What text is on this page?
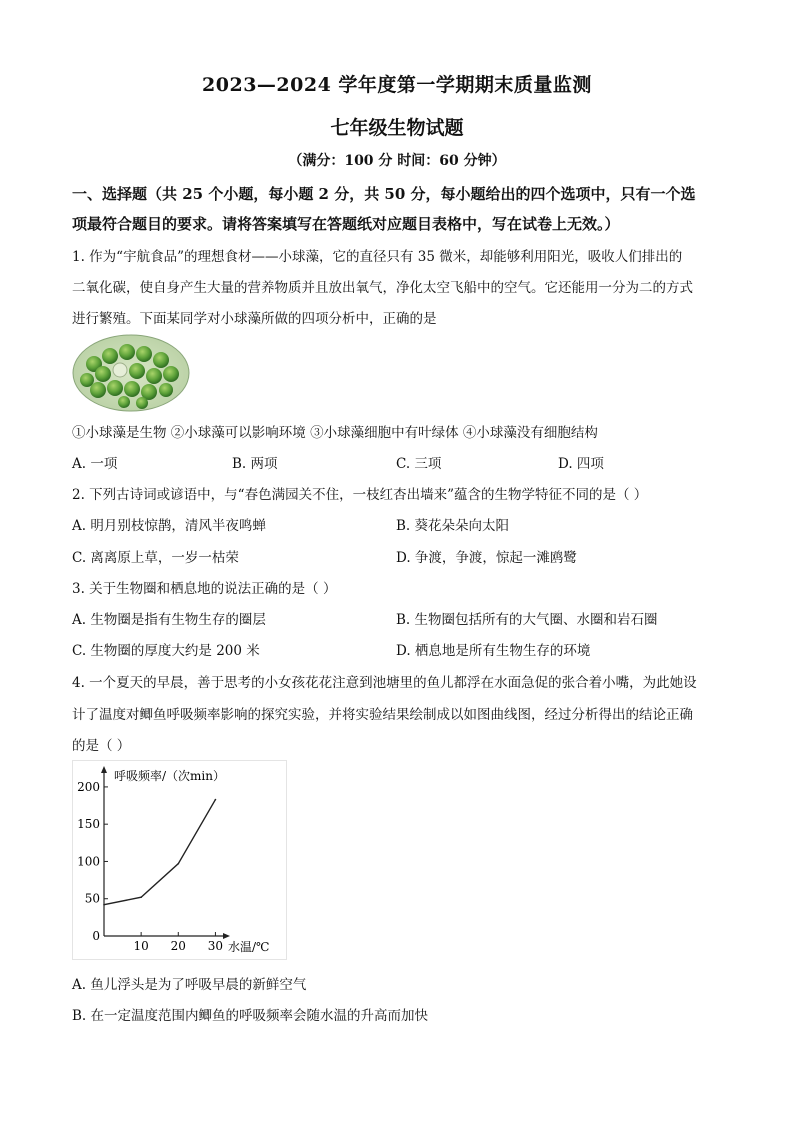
2023—2024 学年度第一学期期末质量监测
七年级生物试题
（满分：100 分 时间：60 分钟）
一、选择题（共 25 个小题，每小题 2 分，共 50 分，每小题给出的四个选项中，只有一个选
项最符合题目的要求。请将答案填写在答题纸对应题目表格中，写在试卷上无效。）
1. 作为“宇航食品”的理想食材——小球藻，它的直径只有 35 微米，却能够利用阳光，吸收人们排出的
二氧化碳，使自身产生大量的营养物质并且放出氧气，净化太空飞船中的空气。它还能用一分为二的方式
进行繁殖。下面某同学对小球藻所做的四项分析中，正确的是
①小球藻是生物 ②小球藻可以影响环境 ③小球藻细胞中有叶绿体 ④小球藻没有细胞结构
A. 一项	B. 两项	C. 三项	D. 四项
2. 下列古诗词或谚语中，与“春色满园关不住，一枝红杏出墙来”蕴含的生物学特征不同的是（ ）
A. 明月别枝惊鹊，清风半夜鸣蝉	B. 葵花朵朵向太阳
C. 离离原上草，一岁一枯荣	D. 争渡，争渡，惊起一滩鸥鹭
3. 关于生物圈和栖息地的说法正确的是（ ）
A. 生物圈是指有生物生存的圈层	B. 生物圈包括所有的大气圈、水圈和岩石圈
C. 生物圈的厚度大约是 200 米	D. 栖息地是所有生物生存的环境
4. 一个夏天的早晨，善于思考的小女孩花花注意到池塘里的鱼儿都浮在水面急促的张合着小嘴，为此她设
计了温度对鲫鱼呼吸频率影响的探究实验，并将实验结果绘制成以如图曲线图，经过分析得出的结论正确
的是（ ）
0
50
100
150
200
10 20 30
呼吸频率/（次min）
水温/℃
A. 鱼儿浮头是为了呼吸早晨的新鲜空气
B. 在一定温度范围内鲫鱼的呼吸频率会随水温的升高而加快
